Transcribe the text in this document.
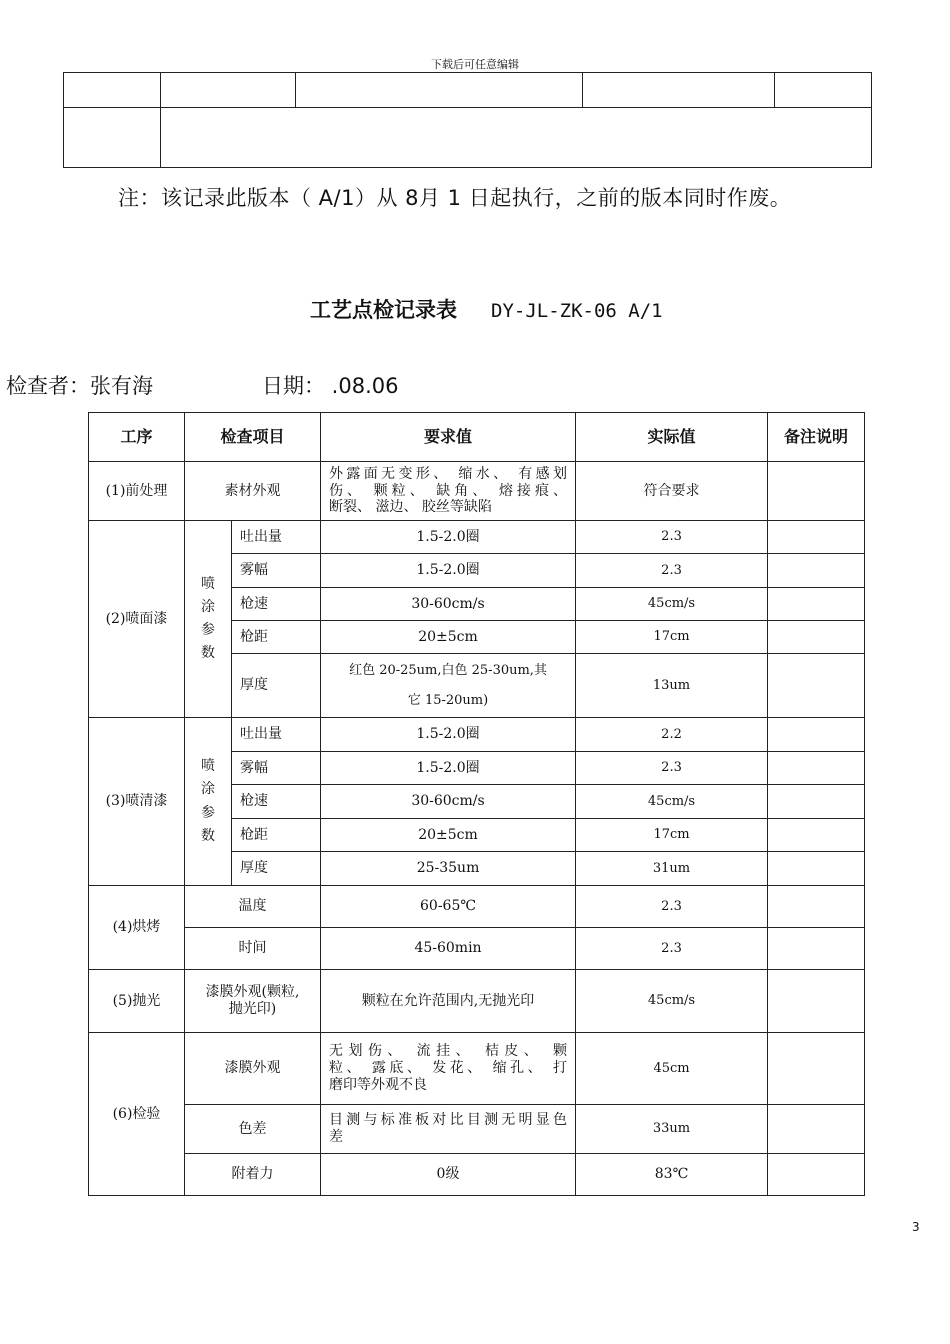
下载后可任意编辑

注：该记录此版本（ A/1）从 8月 1 日起执行，之前的版本同时作废。
工艺点检记录表 DY-JL-ZK-06 A/1
检查者：张有海	日期： .08.06
工序	检查项目		要求值	实际值	备注说明
(1)前处理	素材外观		外露面无变形、 缩水、 有感划
伤、 颗粒、 缺角、 熔接痕、
断裂、 滋边、 胶丝等缺陷	符合要求	
(2)喷面漆	喷
涂
参
数	吐出量	1.5-2.0圈	2.3	
		雾幅	1.5-2.0圈	2.3	
		枪速	30-60cm/s	45cm/s	
		枪距	20±5cm	17cm	
		厚度	红色 20-25um,白色 25-30um,其
它 15-20um)	13um	
(3)喷清漆	喷
涂
参
数	吐出量	1.5-2.0圈	2.2	
		雾幅	1.5-2.0圈	2.3	
		枪速	30-60cm/s	45cm/s	
		枪距	20±5cm	17cm	
		厚度	25-35um	31um	
(4)烘烤	温度		60-65℃	2.3	
	时间		45-60min	2.3	
(5)抛光	漆膜外观(颗粒,
抛光印)		颗粒在允许范围内,无抛光印	45cm/s	
(6)检验	漆膜外观		无划伤、 流挂、 桔皮、 颗
粒、 露底、 发花、 缩孔、 打
磨印等外观不良	45cm	
	色差		目测与标准板对比目测无明显色
差	33um	
	附着力		0级	83℃	
3
